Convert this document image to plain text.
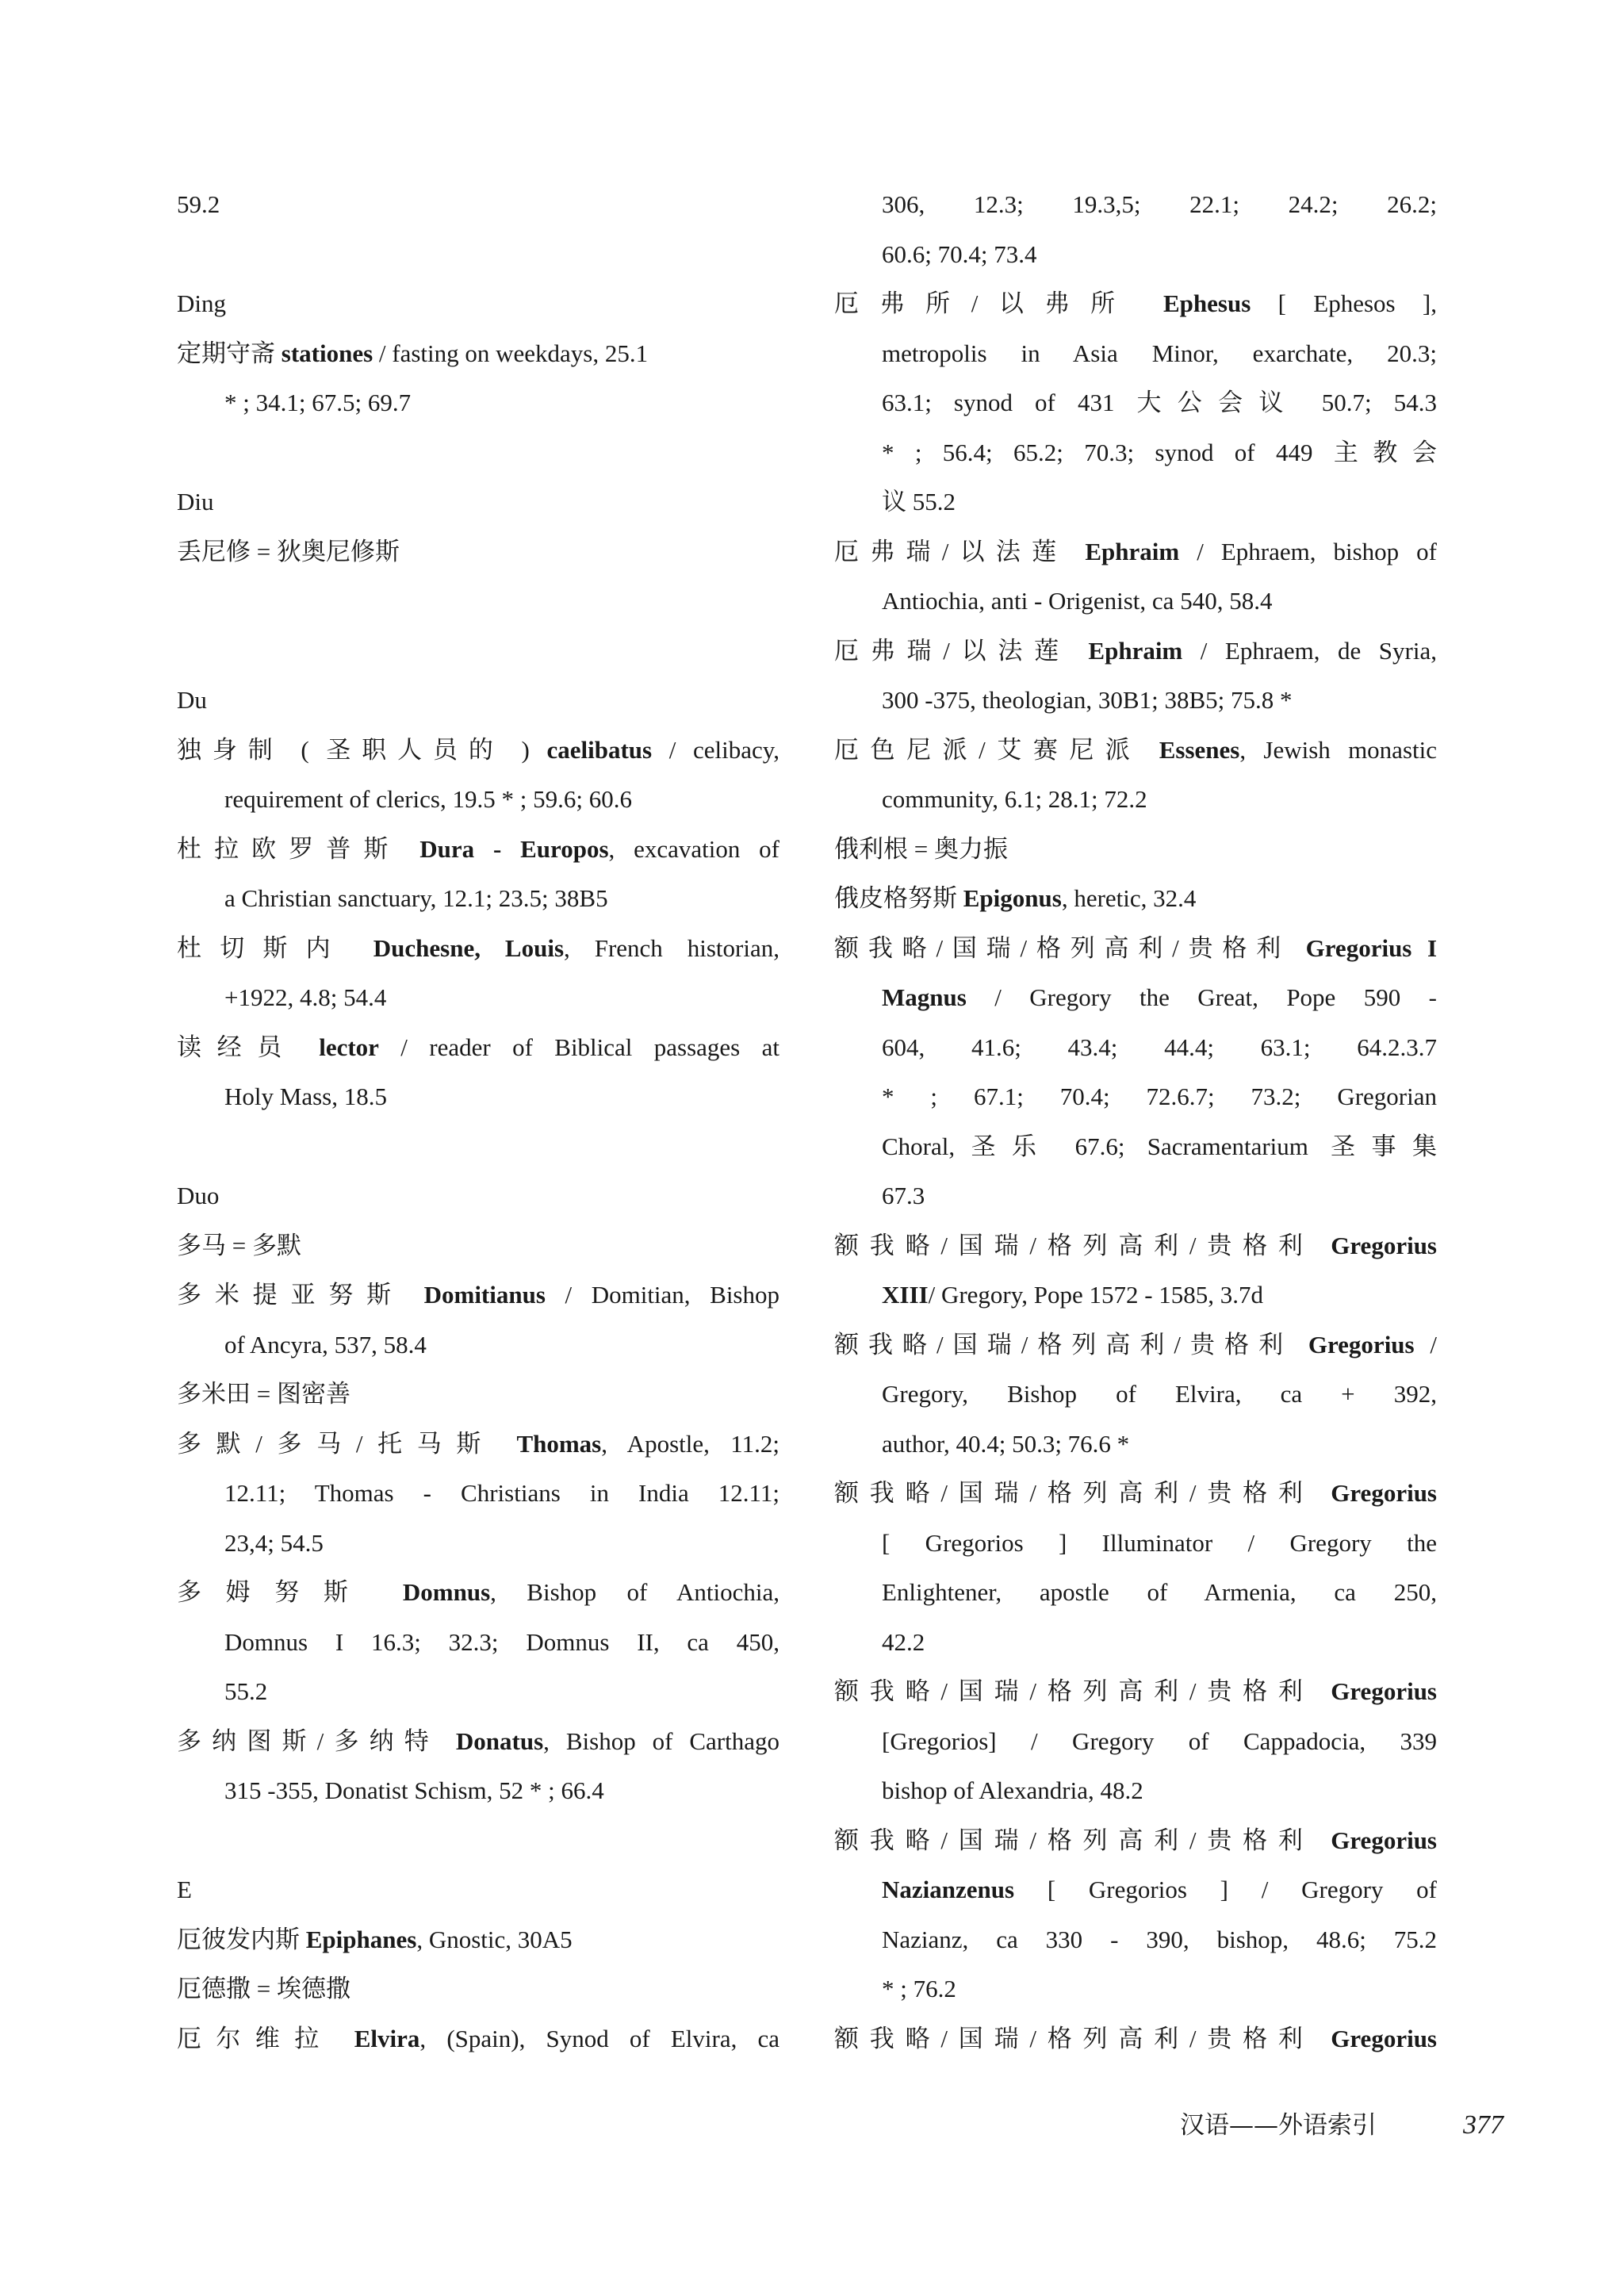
59.2
Ding
定期守斋 stationes / fasting on weekdays, 25.1
* ; 34.1; 67.5; 69.7
Diu
丢尼修 = 狄奥尼修斯
Du
独身制 ( 圣职人员的 ) caelibatus / celibacy,
requirement of clerics, 19.5 * ; 59.6; 60.6
杜拉欧罗普斯 Dura - Europos, excavation of
a Christian sanctuary, 12.1; 23.5; 38B5
杜切斯内 Duchesne, Louis, French historian,
+1922, 4.8; 54.4
读经员 lector / reader of Biblical passages at
Holy Mass, 18.5
Duo
多马 = 多默
多米提亚努斯 Domitianus / Domitian, Bishop
of Ancyra, 537, 58.4
多米田 = 图密善
多默/多马/托马斯 Thomas, Apostle, 11.2;
12.11; Thomas - Christians in India 12.11;
23,4; 54.5
多姆努斯 Domnus, Bishop of Antiochia,
Domnus I 16.3; 32.3; Domnus II, ca 450,
55.2
多纳图斯/多纳特 Donatus, Bishop of Carthago
315 -355, Donatist Schism, 52 * ; 66.4
E
厄彼发内斯 Epiphanes, Gnostic, 30A5
厄德撒 = 埃德撒
厄尔维拉 Elvira, (Spain), Synod of Elvira, ca
306, 12.3; 19.3,5; 22.1; 24.2; 26.2;
60.6; 70.4; 73.4
厄弗所/以弗所 Ephesus [ Ephesos ],
metropolis in Asia Minor, exarchate, 20.3;
63.1; synod of 431 大公会议 50.7; 54.3
* ; 56.4; 65.2; 70.3; synod of 449 主教会
议 55.2
厄弗瑞/以法莲 Ephraim / Ephraem, bishop of
Antiochia, anti - Origenist, ca 540, 58.4
厄弗瑞/以法莲 Ephraim / Ephraem, de Syria,
300 -375, theologian, 30B1; 38B5; 75.8 *
厄色尼派/艾赛尼派 Essenes, Jewish monastic
community, 6.1; 28.1; 72.2
俄利根 = 奥力振
俄皮格努斯 Epigonus, heretic, 32.4
额我略/国瑞/格列高利/贵格利 Gregorius I
Magnus / Gregory the Great, Pope 590 -
604, 41.6; 43.4; 44.4; 63.1; 64.2.3.7
* ; 67.1; 70.4; 72.6.7; 73.2; Gregorian
Choral,圣乐 67.6; Sacramentarium 圣事集
67.3
额我略/国瑞/格列高利/贵格利 Gregorius
XIII/ Gregory, Pope 1572 - 1585, 3.7d
额我略/国瑞/格列高利/贵格利 Gregorius /
Gregory, Bishop of Elvira, ca + 392,
author, 40.4; 50.3; 76.6 *
额我略/国瑞/格列高利/贵格利 Gregorius
[ Gregorios ] Illuminator / Gregory the
Enlightener, apostle of Armenia, ca 250,
42.2
额我略/国瑞/格列高利/贵格利 Gregorius
[Gregorios] / Gregory of Cappadocia, 339
bishop of Alexandria, 48.2
额我略/国瑞/格列高利/贵格利 Gregorius
Nazianzenus [ Gregorios ] / Gregory of
Nazianz, ca 330 - 390, bishop, 48.6; 75.2
* ; 76.2
额我略/国瑞/格列高利/贵格利 Gregorius
汉语——外语索引	377
